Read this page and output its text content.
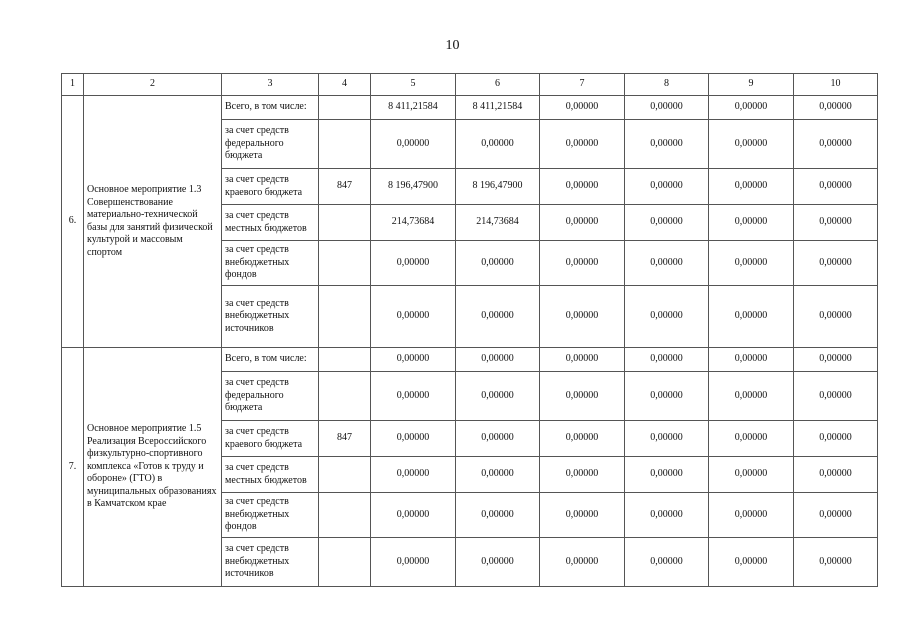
10
1	2	3	4	5	6	7	8	9	10
6.	Основное мероприятие 1.3 Совершенствование материально-технической базы для занятий физической культурой и массовым спортом	Всего, в том числе:		8 411,21584	8 411,21584	0,00000	0,00000	0,00000	0,00000
		за счет средств федерального бюджета		0,00000	0,00000	0,00000	0,00000	0,00000	0,00000
		за счет средств краевого бюджета	847	8 196,47900	8 196,47900	0,00000	0,00000	0,00000	0,00000
		за счет средств местных бюджетов		214,73684	214,73684	0,00000	0,00000	0,00000	0,00000
		за счет средств внебюджетных фондов		0,00000	0,00000	0,00000	0,00000	0,00000	0,00000
		за счет средств внебюджетных источников		0,00000	0,00000	0,00000	0,00000	0,00000	0,00000
7.	Основное мероприятие 1.5 Реализация Всероссийского физкультурно-спортивного комплекса «Готов к труду и обороне» (ГТО) в муниципальных образованиях в Камчатском крае	Всего, в том числе:		0,00000	0,00000	0,00000	0,00000	0,00000	0,00000
		за счет средств федерального бюджета		0,00000	0,00000	0,00000	0,00000	0,00000	0,00000
		за счет средств краевого бюджета	847	0,00000	0,00000	0,00000	0,00000	0,00000	0,00000
		за счет средств местных бюджетов		0,00000	0,00000	0,00000	0,00000	0,00000	0,00000
		за счет средств внебюджетных фондов		0,00000	0,00000	0,00000	0,00000	0,00000	0,00000
		за счет средств внебюджетных источников		0,00000	0,00000	0,00000	0,00000	0,00000	0,00000
